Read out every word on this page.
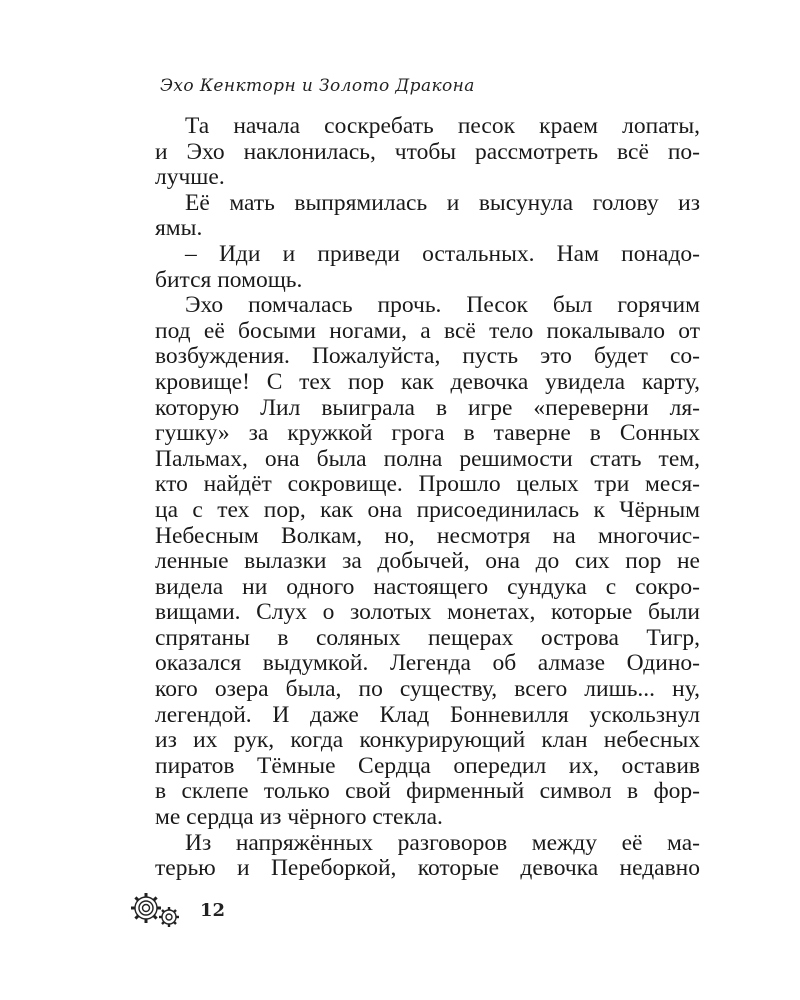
Эхо Кенкторн и Золото Дракона
Та начала соскребать песок краем лопаты,
и Эхо наклонилась, чтобы рассмотреть всё по-
лучше.
Её мать выпрямилась и высунула голову из
ямы.
– Иди и приведи остальных. Нам понадо-
бится помощь.
Эхо помчалась прочь. Песок был горячим
под её босыми ногами, а всё тело покалывало от
возбуждения. Пожалуйста, пусть это будет со-
кровище! С тех пор как девочка увидела карту,
которую Лил выиграла в игре «переверни ля-
гушку» за кружкой грога в таверне в Сонных
Пальмах, она была полна решимости стать тем,
кто найдёт сокровище. Прошло целых три меся-
ца с тех пор, как она присоединилась к Чёрным
Небесным Волкам, но, несмотря на многочис-
ленные вылазки за добычей, она до сих пор не
видела ни одного настоящего сундука с сокро-
вищами. Слух о золотых монетах, которые были
спрятаны в соляных пещерах острова Тигр,
оказался выдумкой. Легенда об алмазе Одино-
кого озера была, по существу, всего лишь... ну,
легендой. И даже Клад Бонневилля ускользнул
из их рук, когда конкурирующий клан небесных
пиратов Тёмные Сердца опередил их, оставив
в склепе только свой фирменный символ в фор-
ме сердца из чёрного стекла.
Из напряжённых разговоров между её ма-
терью и Переборкой, которые девочка недавно
12
